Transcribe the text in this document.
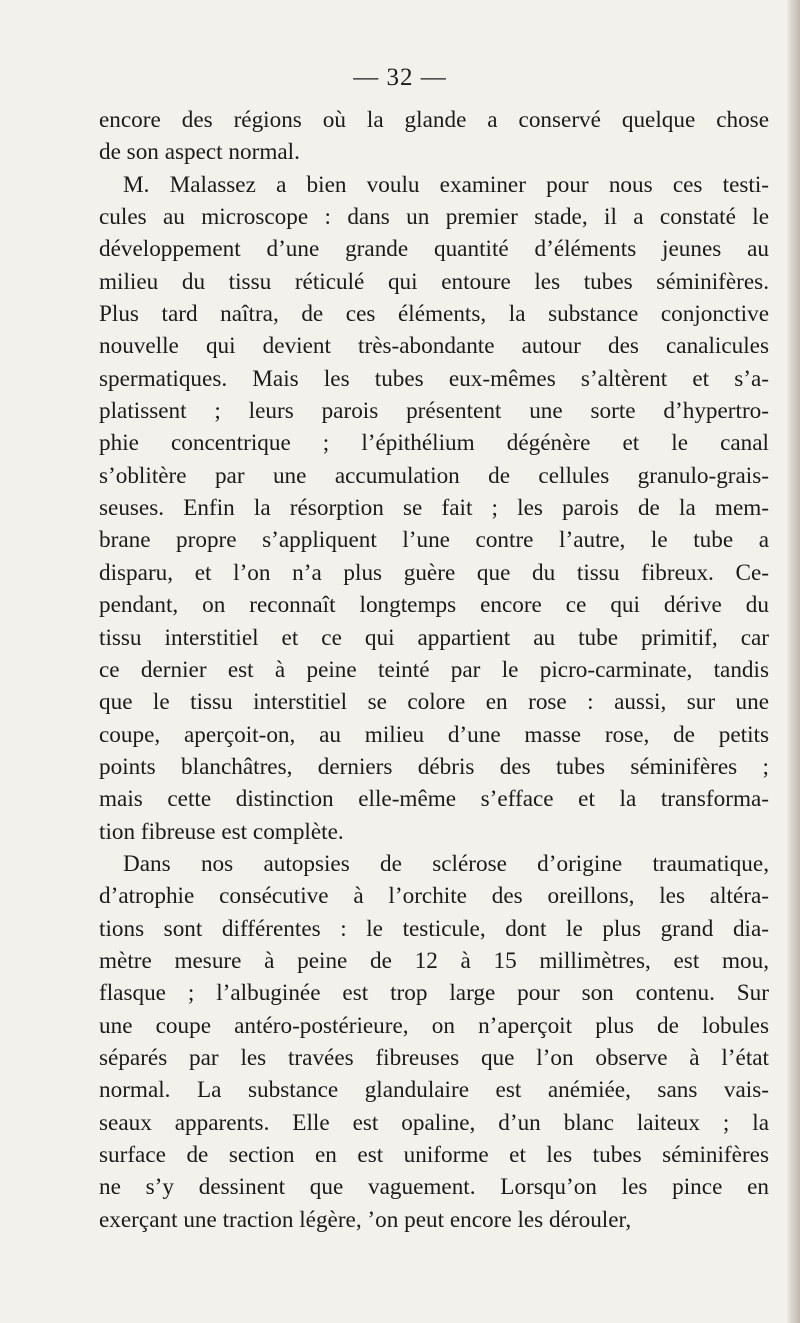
— 32 —
encore des régions où la glande a conservé quelque chose
de son aspect normal.
M. Malassez a bien voulu examiner pour nous ces testi-
cules au microscope : dans un premier stade, il a constaté le
développement d’une grande quantité d’éléments jeunes au
milieu du tissu réticulé qui entoure les tubes séminifères.
Plus tard naîtra, de ces éléments, la substance conjonctive
nouvelle qui devient très-abondante autour des canalicules
spermatiques. Mais les tubes eux-mêmes s’altèrent et s’a-
platissent ; leurs parois présentent une sorte d’hypertro-
phie concentrique ; l’épithélium dégénère et le canal
s’oblitère par une accumulation de cellules granulo-grais-
seuses. Enfin la résorption se fait ; les parois de la mem-
brane propre s’appliquent l’une contre l’autre, le tube a
disparu, et l’on n’a plus guère que du tissu fibreux. Ce-
pendant, on reconnaît longtemps encore ce qui dérive du
tissu interstitiel et ce qui appartient au tube primitif, car
ce dernier est à peine teinté par le picro-carminate, tandis
que le tissu interstitiel se colore en rose : aussi, sur une
coupe, aperçoit-on, au milieu d’une masse rose, de petits
points blanchâtres, derniers débris des tubes séminifères ;
mais cette distinction elle-même s’efface et la transforma-
tion fibreuse est complète.
Dans nos autopsies de sclérose d’origine traumatique,
d’atrophie consécutive à l’orchite des oreillons, les altéra-
tions sont différentes : le testicule, dont le plus grand dia-
mètre mesure à peine de 12 à 15 millimètres, est mou,
flasque ; l’albuginée est trop large pour son contenu. Sur
une coupe antéro-postérieure, on n’aperçoit plus de lobules
séparés par les travées fibreuses que l’on observe à l’état
normal. La substance glandulaire est anémiée, sans vais-
seaux apparents. Elle est opaline, d’un blanc laiteux ; la
surface de section en est uniforme et les tubes séminifères
ne s’y dessinent que vaguement. Lorsqu’on les pince en
exerçant une traction légère, ’on peut encore les dérouler,
